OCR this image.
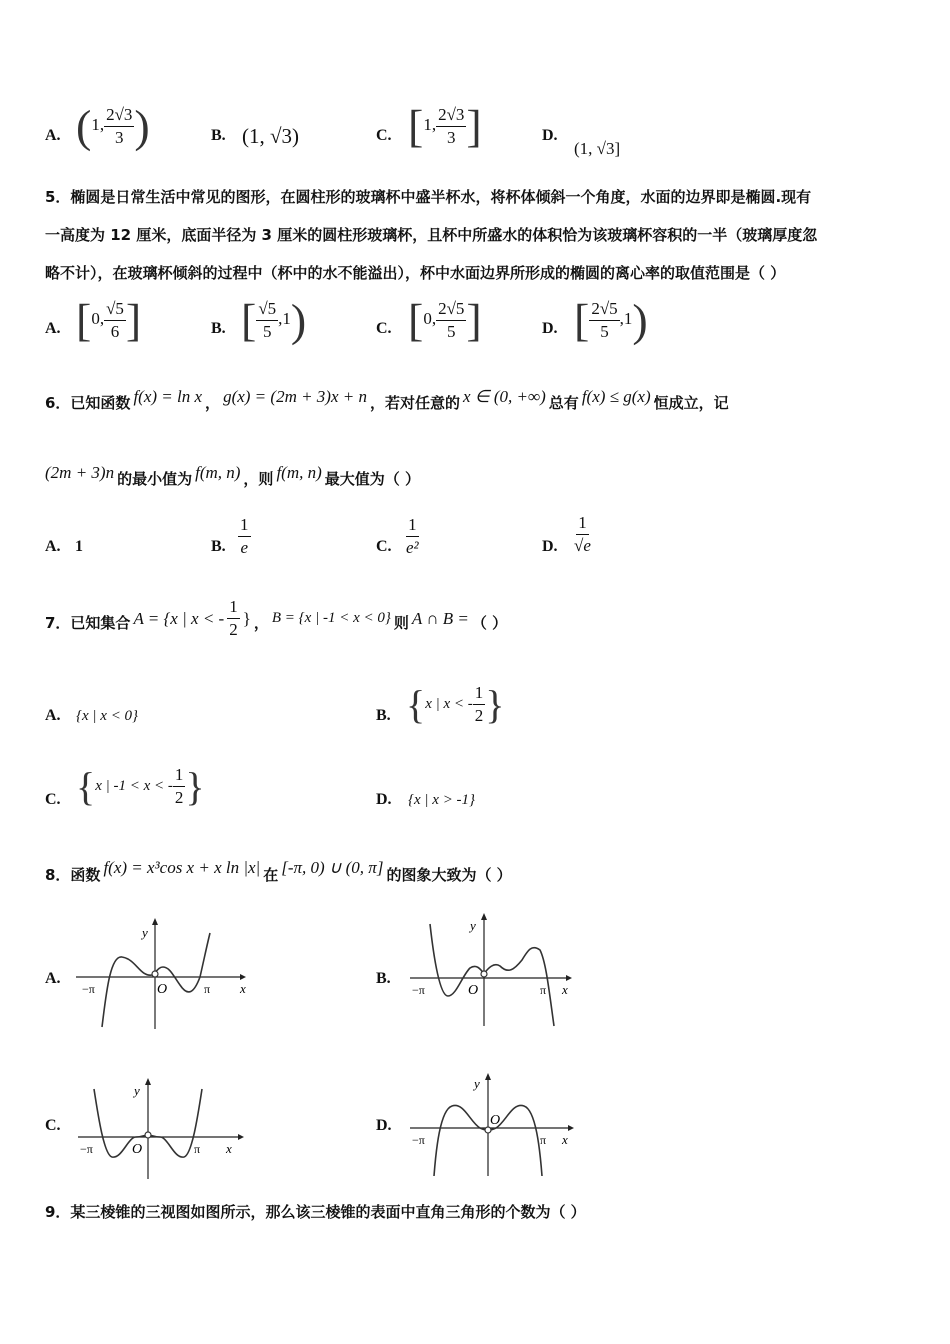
A. (1, $\frac{2√3}{3}$ )	B. (1, √3)	C. [1, $\frac{2√3}{3}$ ]	D.
(1, √3]
5．椭圆是日常生活中常见的图形，在圆柱形的玻璃杯中盛半杯水，将杯体倾斜一个角度，水面的边界即是椭圆.现有
一高度为 12 厘米，底面半径为 3 厘米的圆柱形玻璃杯，且杯中所盛水的体积恰为该玻璃杯容积的一半（玻璃厚度忽
略不计），在玻璃杯倾斜的过程中（杯中的水不能溢出），杯中水面边界所形成的椭圆的离心率的取值范围是（ ）
A. [0, $\frac{√5}{6}$ ]	B. [ $\frac{√5}{5} ,1$)	C. [0, $\frac{2√5}{5}$ ]	D. [ $\frac{2√5}{5} ,1$)
6．已知函数 f(x) = ln x ， g(x) = (2m + 3)x + n ，若对任意的 x ∈ (0, +∞) 总有 f(x) ≤ g(x) 恒成立，记
(2m + 3)n 的最小值为 f(m, n) ，则 f(m, n) 最大值为（ ）
A. 1	B. $\frac{1}{e}$	C. $\frac{1}{\text{e²}}$	D. $\frac{1}{√e}$
7．已知集合 A = {x | x < - $\frac{1}{2}$ } ， B = {x | -1 < x < 0} 则 A ∩ B = （ ）
A. {x | x < 0}	B. { x | x < - $\frac{1}{2}$ }
C. { x | -1 < x < - $\frac{1}{2}$ }	D. {x | x > -1}
8．函数 f(x) = x³cos x + x ln |x| 在 [-π, 0) ∪ (0, π] 的图象大致为（ ）
A.
y
x
O
−π	π
B.
y
x
O
−π	π
C.
y
x
O
−π	π
D.
y
x
O
−π	π
9．某三棱锥的三视图如图所示，那么该三棱锥的表面中直角三角形的个数为（ ）
